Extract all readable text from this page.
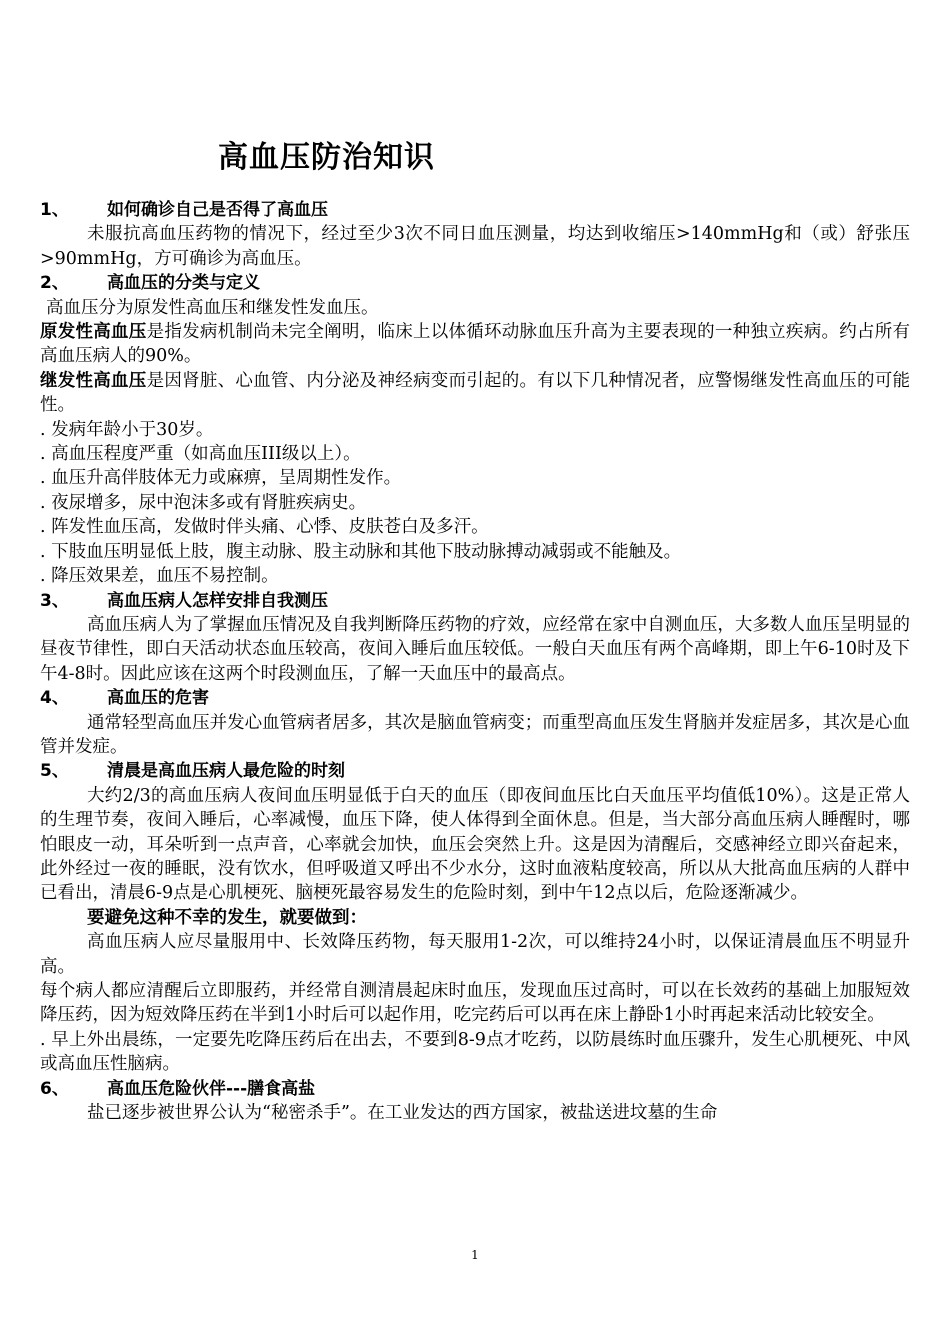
高血压防治知识
1、 如何确诊自己是否得了高血压

未服抗高血压药物的情况下，经过至少3次不同日血压测量，均达到收缩压>140mmHg和（或）舒张压>90mmHg，方可确诊为高血压。

2、 高血压的分类与定义

高血压分为原发性高血压和继发性发血压。

原发性高血压是指发病机制尚未完全阐明，临床上以体循环动脉血压升高为主要表现的一种独立疾病。约占所有高血压病人的90%。

继发性高血压是因肾脏、心血管、内分泌及神经病变而引起的。有以下几种情况者，应警惕继发性高血压的可能性。

. 发病年龄小于30岁。
. 高血压程度严重（如高血压III级以上）。
. 血压升高伴肢体无力或麻痹，呈周期性发作。
. 夜尿增多，尿中泡沫多或有肾脏疾病史。
. 阵发性血压高，发做时伴头痛、心悸、皮肤苍白及多汗。
. 下肢血压明显低上肢，腹主动脉、股主动脉和其他下肢动脉搏动减弱或不能触及。
. 降压效果差，血压不易控制。
3、 高血压病人怎样安排自我测压

高血压病人为了掌握血压情况及自我判断降压药物的疗效，应经常在家中自测血压，大多数人血压呈明显的昼夜节律性，即白天活动状态血压较高，夜间入睡后血压较低。一般白天血压有两个高峰期，即上午6-10时及下午4-8时。因此应该在这两个时段测血压，了解一天血压中的最高点。

4、 高血压的危害

通常轻型高血压并发心血管病者居多，其次是脑血管病变；而重型高血压发生肾脑并发症居多，其次是心血管并发症。

5、 清晨是高血压病人最危险的时刻

大约2/3的高血压病人夜间血压明显低于白天的血压（即夜间血压比白天血压平均值低10%）。这是正常人的生理节奏，夜间入睡后，心率减慢，血压下降，使人体得到全面休息。但是，当大部分高血压病人睡醒时，哪怕眼皮一动，耳朵听到一点声音，心率就会加快，血压会突然上升。这是因为清醒后，交感神经立即兴奋起来，此外经过一夜的睡眠，没有饮水，但呼吸道又呼出不少水分，这时血液粘度较高，所以从大批高血压病的人群中已看出，清晨6-9点是心肌梗死、脑梗死最容易发生的危险时刻，到中午12点以后，危险逐渐减少。

要避免这种不幸的发生，就要做到：

高血压病人应尽量服用中、长效降压药物，每天服用1-2次，可以维持24小时，以保证清晨血压不明显升高。

每个病人都应清醒后立即服药，并经常自测清晨起床时血压，发现血压过高时，可以在长效药的基础上加服短效降压药，因为短效降压药在半到1小时后可以起作用，吃完药后可以再在床上静卧1小时再起来活动比较安全。

. 早上外出晨练，一定要先吃降压药后在出去，不要到8-9点才吃药，以防晨练时血压骤升，发生心肌梗死、中风或高血压性脑病。

6、 高血压危险伙伴---膳食高盐

盐已逐步被世界公认为“秘密杀手”。在工业发达的西方国家，被盐送进坟墓的生命

1
